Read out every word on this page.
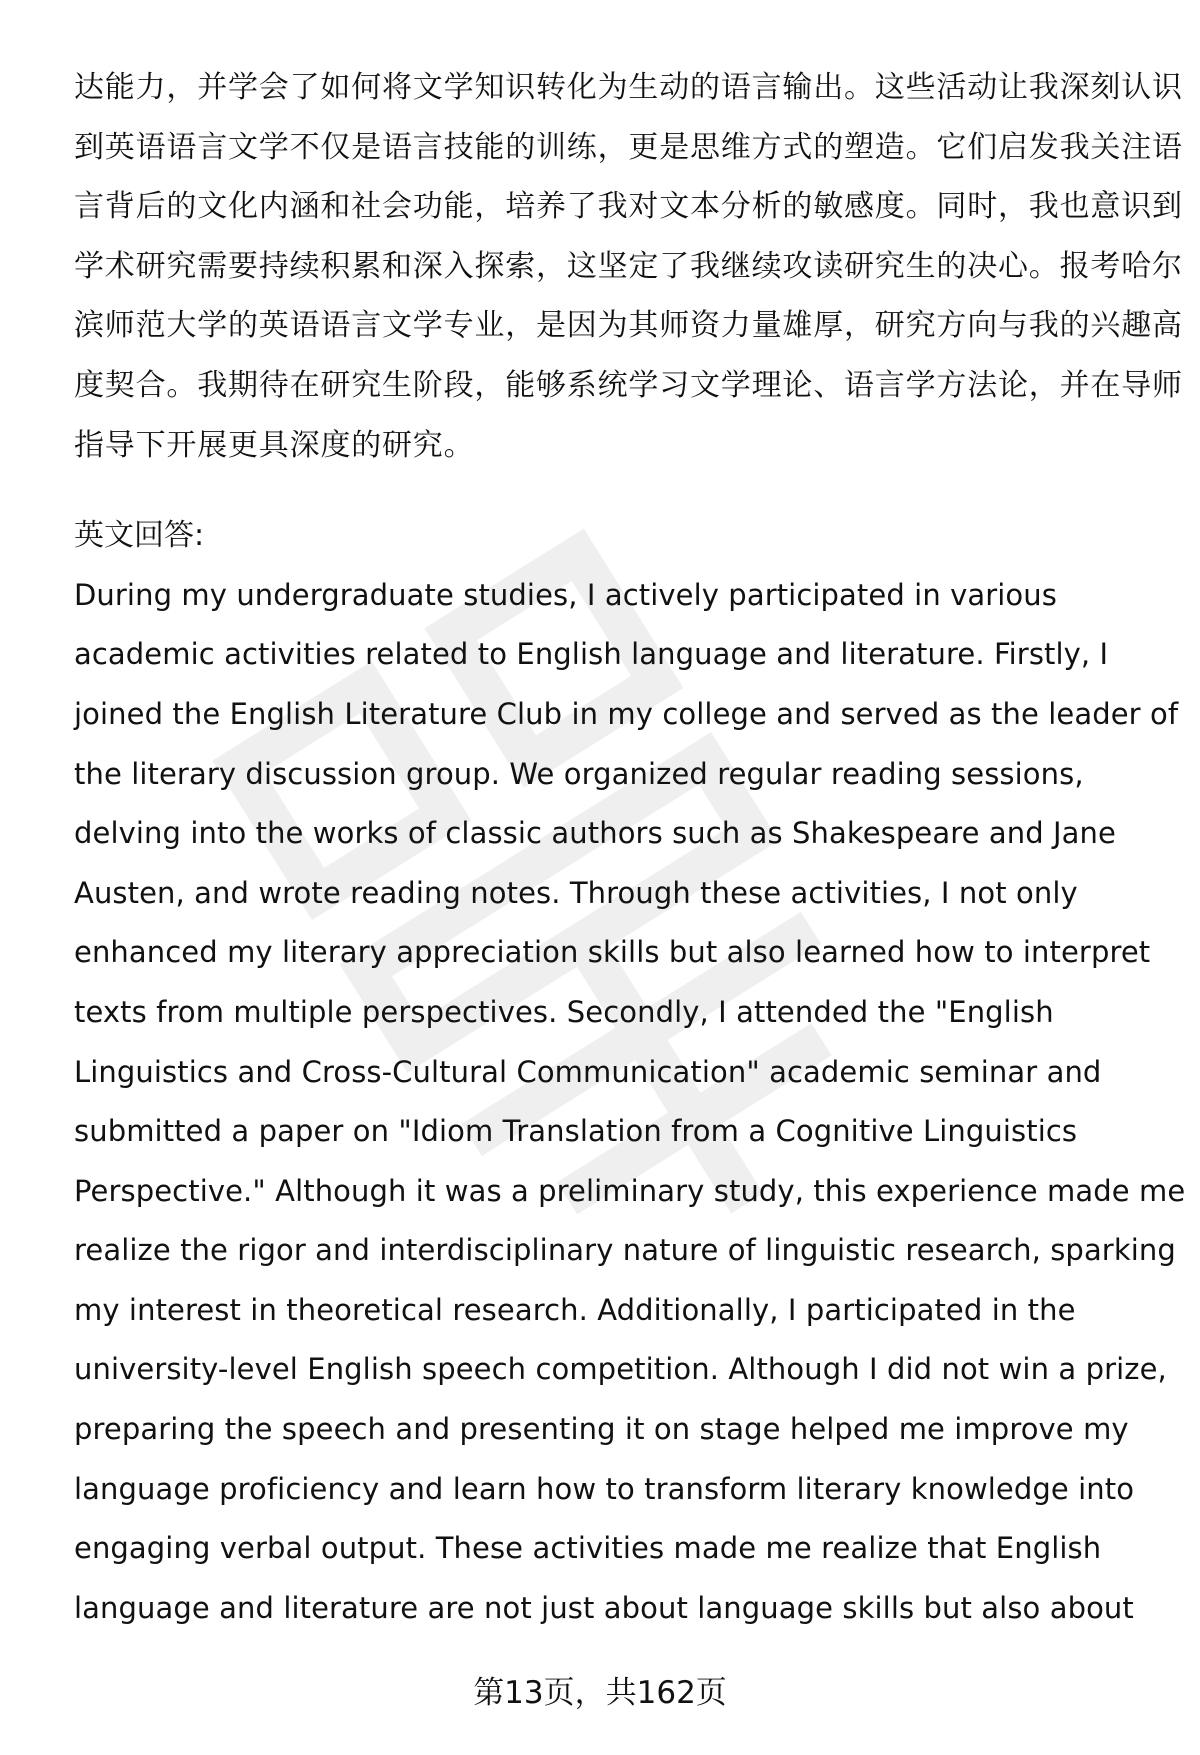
达能力，并学会了如何将文学知识转化为生动的语言输出。这些活动让我深刻认识
到英语语言文学不仅是语言技能的训练，更是思维方式的塑造。它们启发我关注语
言背后的文化内涵和社会功能，培养了我对文本分析的敏感度。同时，我也意识到
学术研究需要持续积累和深入探索，这坚定了我继续攻读研究生的决心。报考哈尔
滨师范大学的英语语言文学专业，是因为其师资力量雄厚，研究方向与我的兴趣高
度契合。我期待在研究生阶段，能够系统学习文学理论、语言学方法论，并在导师
指导下开展更具深度的研究。
英文回答:
During my undergraduate studies, I actively participated in various
academic activities related to English language and literature. Firstly, I
joined the English Literature Club in my college and served as the leader of
the literary discussion group. We organized regular reading sessions,
delving into the works of classic authors such as Shakespeare and Jane
Austen, and wrote reading notes. Through these activities, I not only
enhanced my literary appreciation skills but also learned how to interpret
texts from multiple perspectives. Secondly, I attended the "English
Linguistics and Cross-Cultural Communication" academic seminar and
submitted a paper on "Idiom Translation from a Cognitive Linguistics
Perspective." Although it was a preliminary study, this experience made me
realize the rigor and interdisciplinary nature of linguistic research, sparking
my interest in theoretical research. Additionally, I participated in the
university-level English speech competition. Although I did not win a prize,
preparing the speech and presenting it on stage helped me improve my
language proficiency and learn how to transform literary knowledge into
engaging verbal output. These activities made me realize that English
language and literature are not just about language skills but also about
第13页，共162页
